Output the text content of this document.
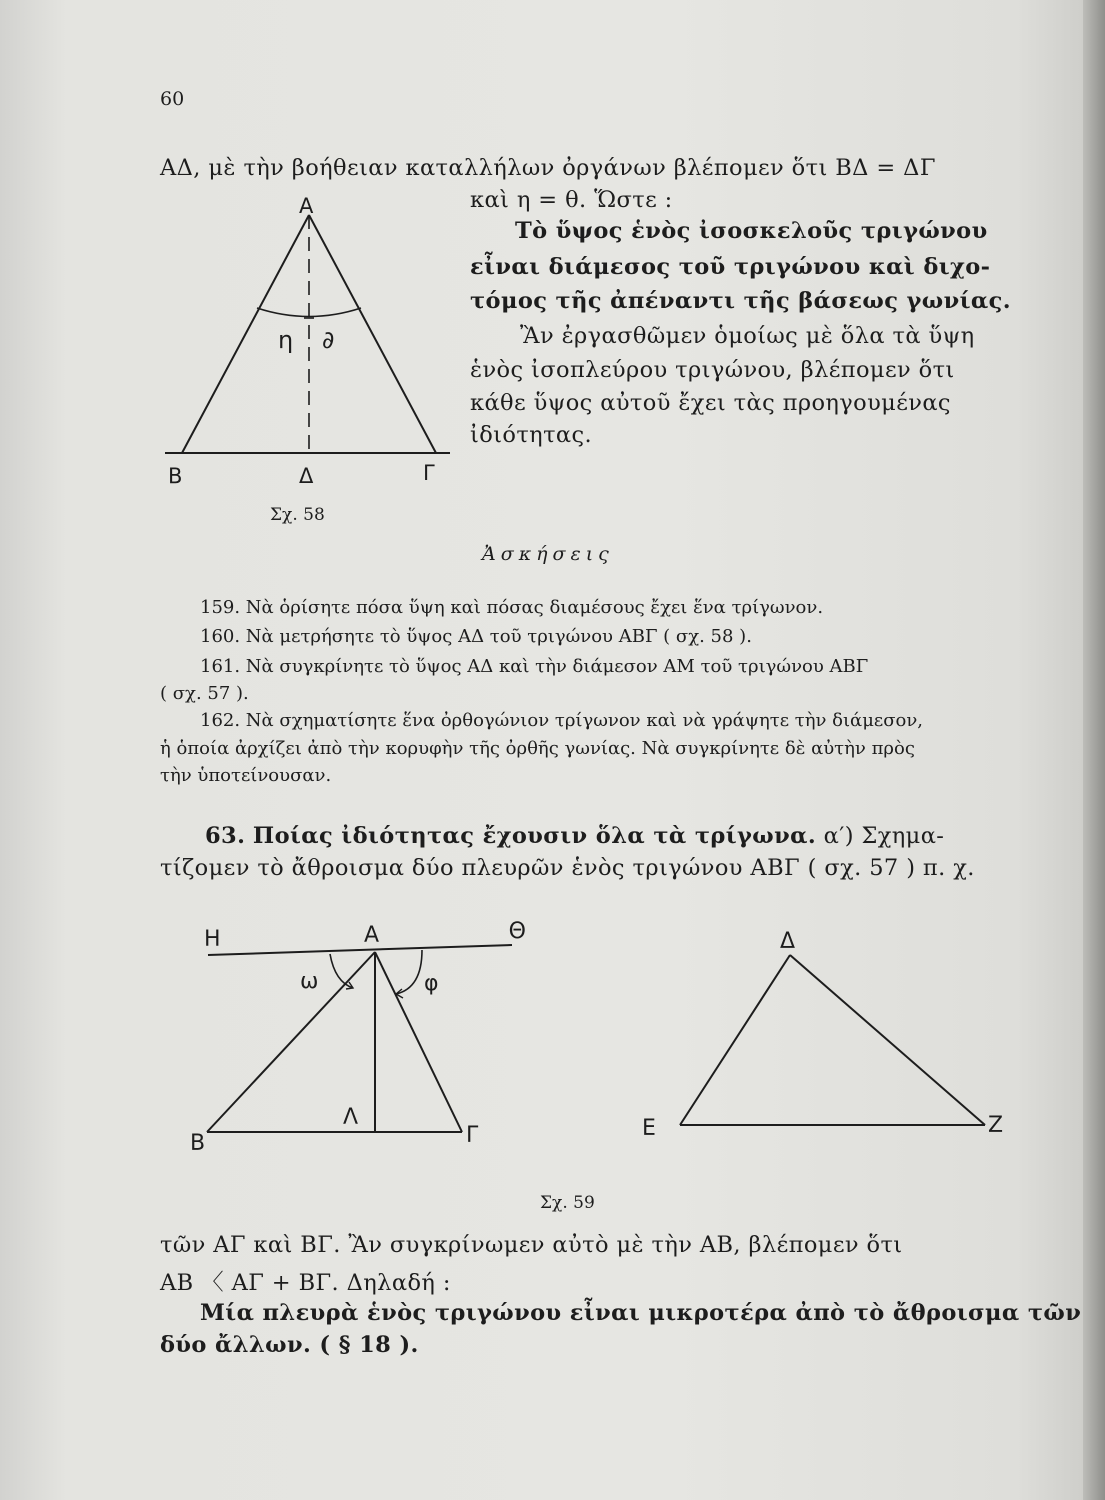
60
ΑΔ, μὲ τὴν βοήθειαν καταλλήλων ὀργάνων βλέπομεν ὅτι ΒΔ = ΔΓ
καὶ η = θ. Ὥστε :
Τὸ ὕψος ἑνὸς ἰσοσκελοῦς τριγώνου
εἶναι διάμεσος τοῦ τριγώνου καὶ διχο-
τόμος τῆς ἀπέναντι τῆς βάσεως γωνίας.
Ἂν ἐργασθῶμεν ὁμοίως μὲ ὅλα τὰ ὕψη
ἑνὸς ἰσοπλεύρου τριγώνου, βλέπομεν ὅτι
κάθε ὕψος αὐτοῦ ἔχει τὰς προηγουμένας
ἰδιότητας.
Α
η ∂
Β	Δ	Γ
Σχ. 58
Ἀσκήσεις
159. Νὰ ὁρίσητε πόσα ὕψη καὶ πόσας διαμέσους ἔχει ἕνα τρίγωνον.
160. Νὰ μετρήσητε τὸ ὕψος ΑΔ τοῦ τριγώνου ΑΒΓ ( σχ. 58 ).
161. Νὰ συγκρίνητε τὸ ὕψος ΑΔ καὶ τὴν διάμεσον ΑΜ τοῦ τριγώνου ΑΒΓ
( σχ. 57 ).
162. Νὰ σχηματίσητε ἕνα ὀρθογώνιον τρίγωνον καὶ νὰ γράψητε τὴν διάμεσον,
ἡ ὁποία ἀρχίζει ἀπὸ τὴν κορυφὴν τῆς ὀρθῆς γωνίας. Νὰ συγκρίνητε δὲ αὐτὴν πρὸς
τὴν ὑποτείνουσαν.
63. Ποίας ἰδιότητας ἔχουσιν ὅλα τὰ τρίγωνα. α′) Σχημα-
τίζομεν τὸ ἄθροισμα δύο πλευρῶν ἑνὸς τριγώνου ΑΒΓ ( σχ. 57 ) π. χ.
Η	Α	Θ
ω	φ
Β
Λ
Γ
Δ
Ε	Ζ
Σχ. 59
τῶν ΑΓ καὶ ΒΓ. Ἂν συγκρίνωμεν αὐτὸ μὲ τὴν ΑΒ, βλέπομεν ὅτι
ΑΒ 〈 ΑΓ + ΒΓ. Δηλαδή :
Μία πλευρὰ ἑνὸς τριγώνου εἶναι μικροτέρα ἀπὸ τὸ ἄθροισμα τῶν
δύο ἄλλων. ( § 18 ).
